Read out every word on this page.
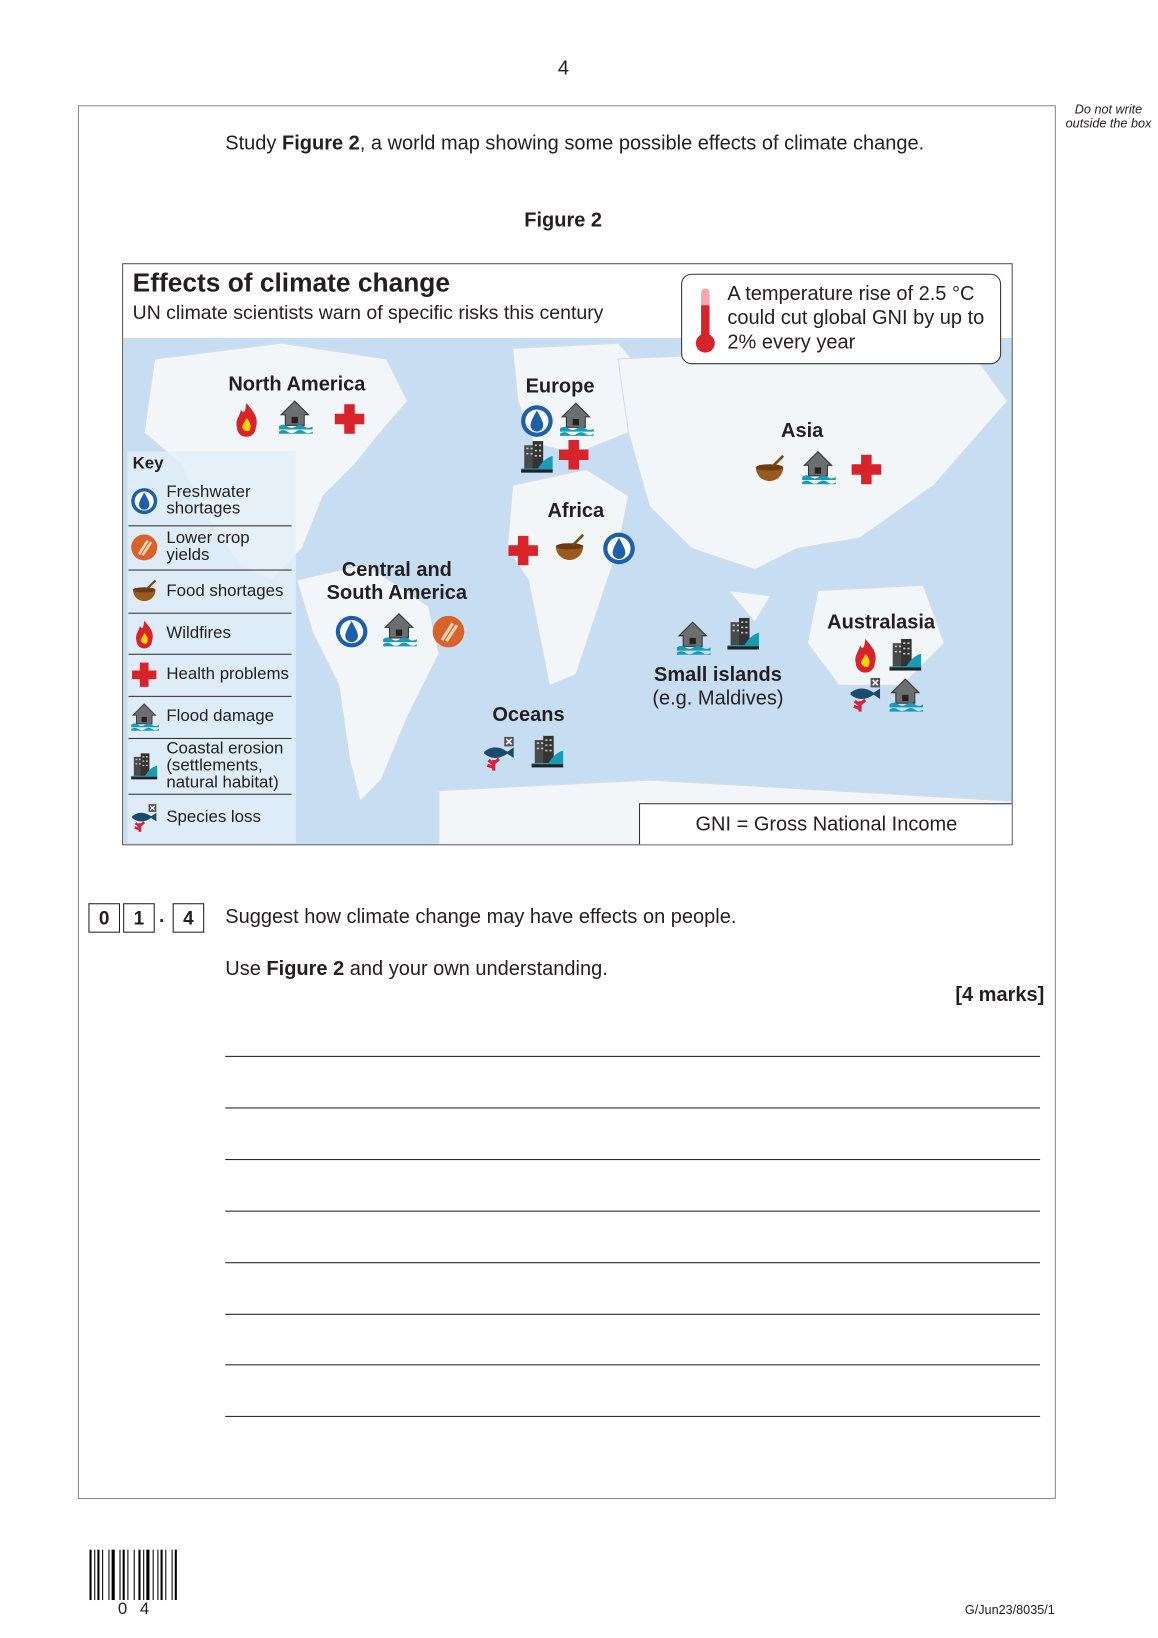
4
Do not write outside the box
Study Figure 2, a world map showing some possible effects of climate change.
Figure 2
Effects of climate change
UN climate scientists warn of specific risks this century
A temperature rise of 2.5 °C could cut global GNI by up to 2% every year
Key
Freshwater shortages
Lower crop yields
Food shortages
Wildfires
Health problems
Flood damage
Coastal erosion (settlements, natural habitat)
Species loss
North America	Europe
Asia
Africa
Central and South America
Small islands
(e.g. Maldives)
Australasia
Oceans
GNI = Gross National Income
0	1 .	4	Suggest how climate change may have effects on people.
Use Figure 2 and your own understanding.
[4 marks]
04	G/Jun23/8035/1
